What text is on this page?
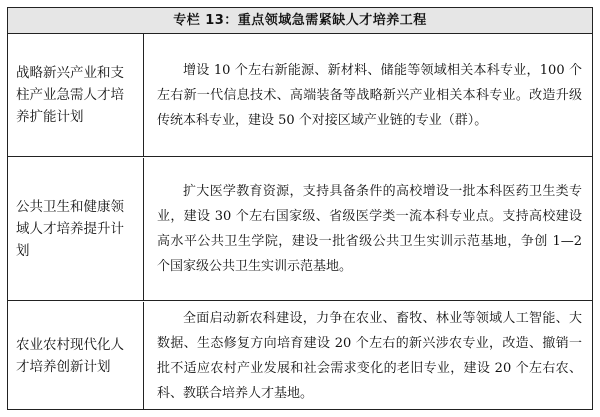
专栏 13：重点领域急需紧缺人才培养工程
战略新兴产业和支柱产业急需人才培养扩能计划

增设 10 个左右新能源、新材料、储能等领域相关本科专业，100 个左右新一代信息技术、高端装备等战略新兴产业相关本科专业。改造升级传统本科专业，建设 50 个对接区域产业链的专业（群）。

公共卫生和健康领域人才培养提升计划

扩大医学教育资源，支持具备条件的高校增设一批本科医药卫生类专业，建设 30 个左右国家级、省级医学类一流本科专业点。支持高校建设高水平公共卫生学院，建设一批省级公共卫生实训示范基地，争创 1—2 个国家级公共卫生实训示范基地。

农业农村现代化人才培养创新计划

全面启动新农科建设，力争在农业、畜牧、林业等领域人工智能、大数据、生态修复方向培育建设 20 个左右的新兴涉农专业，改造、撤销一批不适应农村产业发展和社会需求变化的老旧专业，建设 20 个左右农、科、教联合培养人才基地。
